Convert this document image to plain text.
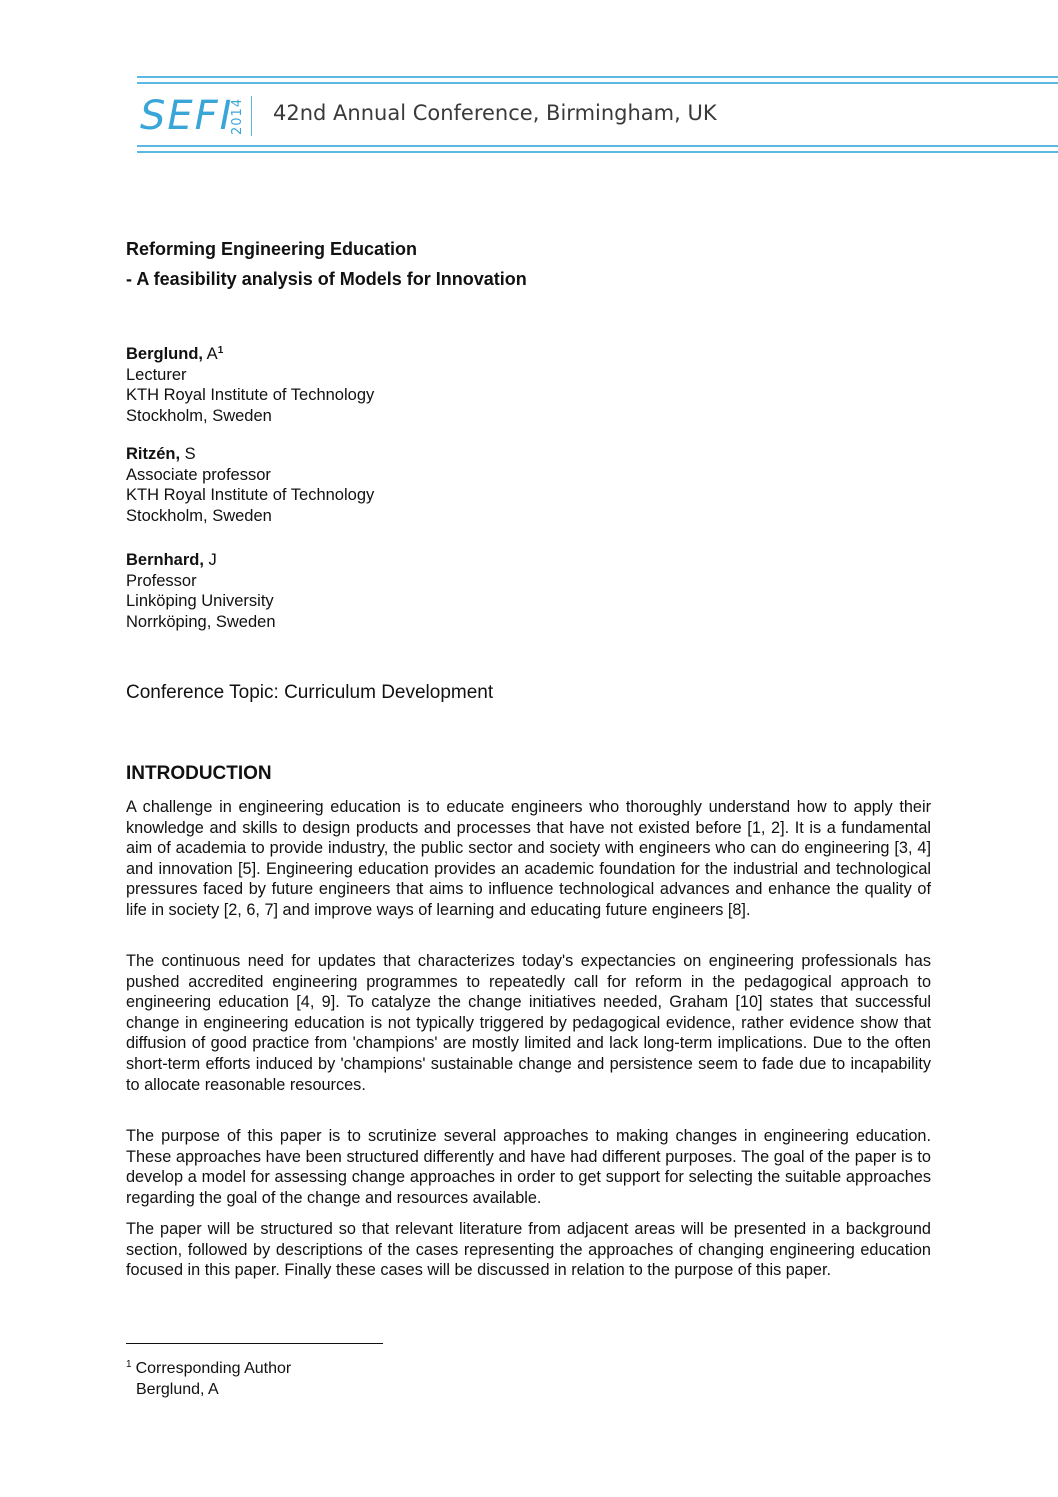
SEFI
2014 42nd Annual Conference, Birmingham, UK
Reforming Engineering Education
- A feasibility analysis of Models for Innovation
Berglund, $A^1$
Lecturer
KTH Royal Institute of Technology
Stockholm, Sweden
Ritzén, S
Associate professor
KTH Royal Institute of Technology
Stockholm, Sweden
Bernhard, J
Professor
Linköping University
Norrköping, Sweden
Conference Topic: Curriculum Development
INTRODUCTION

A challenge in engineering education is to educate engineers who thoroughly understand how to apply their knowledge and skills to design products and processes that have not existed before [1, 2]. It is a fundamental aim of academia to provide industry, the public sector and society with engineers who can do engineering [3, 4] and innovation [5]. Engineering education provides an academic foundation for the industrial and technological pressures faced by future engineers that aims to influence technological advances and enhance the quality of life in society [2, 6, 7] and improve ways of learning and educating future engineers [8].

The continuous need for updates that characterizes today's expectancies on engineering professionals has pushed accredited engineering programmes to repeatedly call for reform in the pedagogical approach to engineering education [4, 9]. To catalyze the change initiatives needed, Graham [10] states that successful change in engineering education is not typically triggered by pedagogical evidence, rather evidence show that diffusion of good practice from 'champions' are mostly limited and lack long-term implications. Due to the often short-term efforts induced by 'champions' sustainable change and persistence seem to fade due to incapability to allocate reasonable resources.

The purpose of this paper is to scrutinize several approaches to making changes in engineering education. These approaches have been structured differently and have had different purposes. The goal of the paper is to develop a model for assessing change approaches in order to get support for selecting the suitable approaches regarding the goal of the change and resources available.

The paper will be structured so that relevant literature from adjacent areas will be presented in a background section, followed by descriptions of the cases representing the approaches of changing engineering education focused in this paper. Finally these cases will be discussed in relation to the purpose of this paper.

$^1$ Corresponding Author
Berglund, A
